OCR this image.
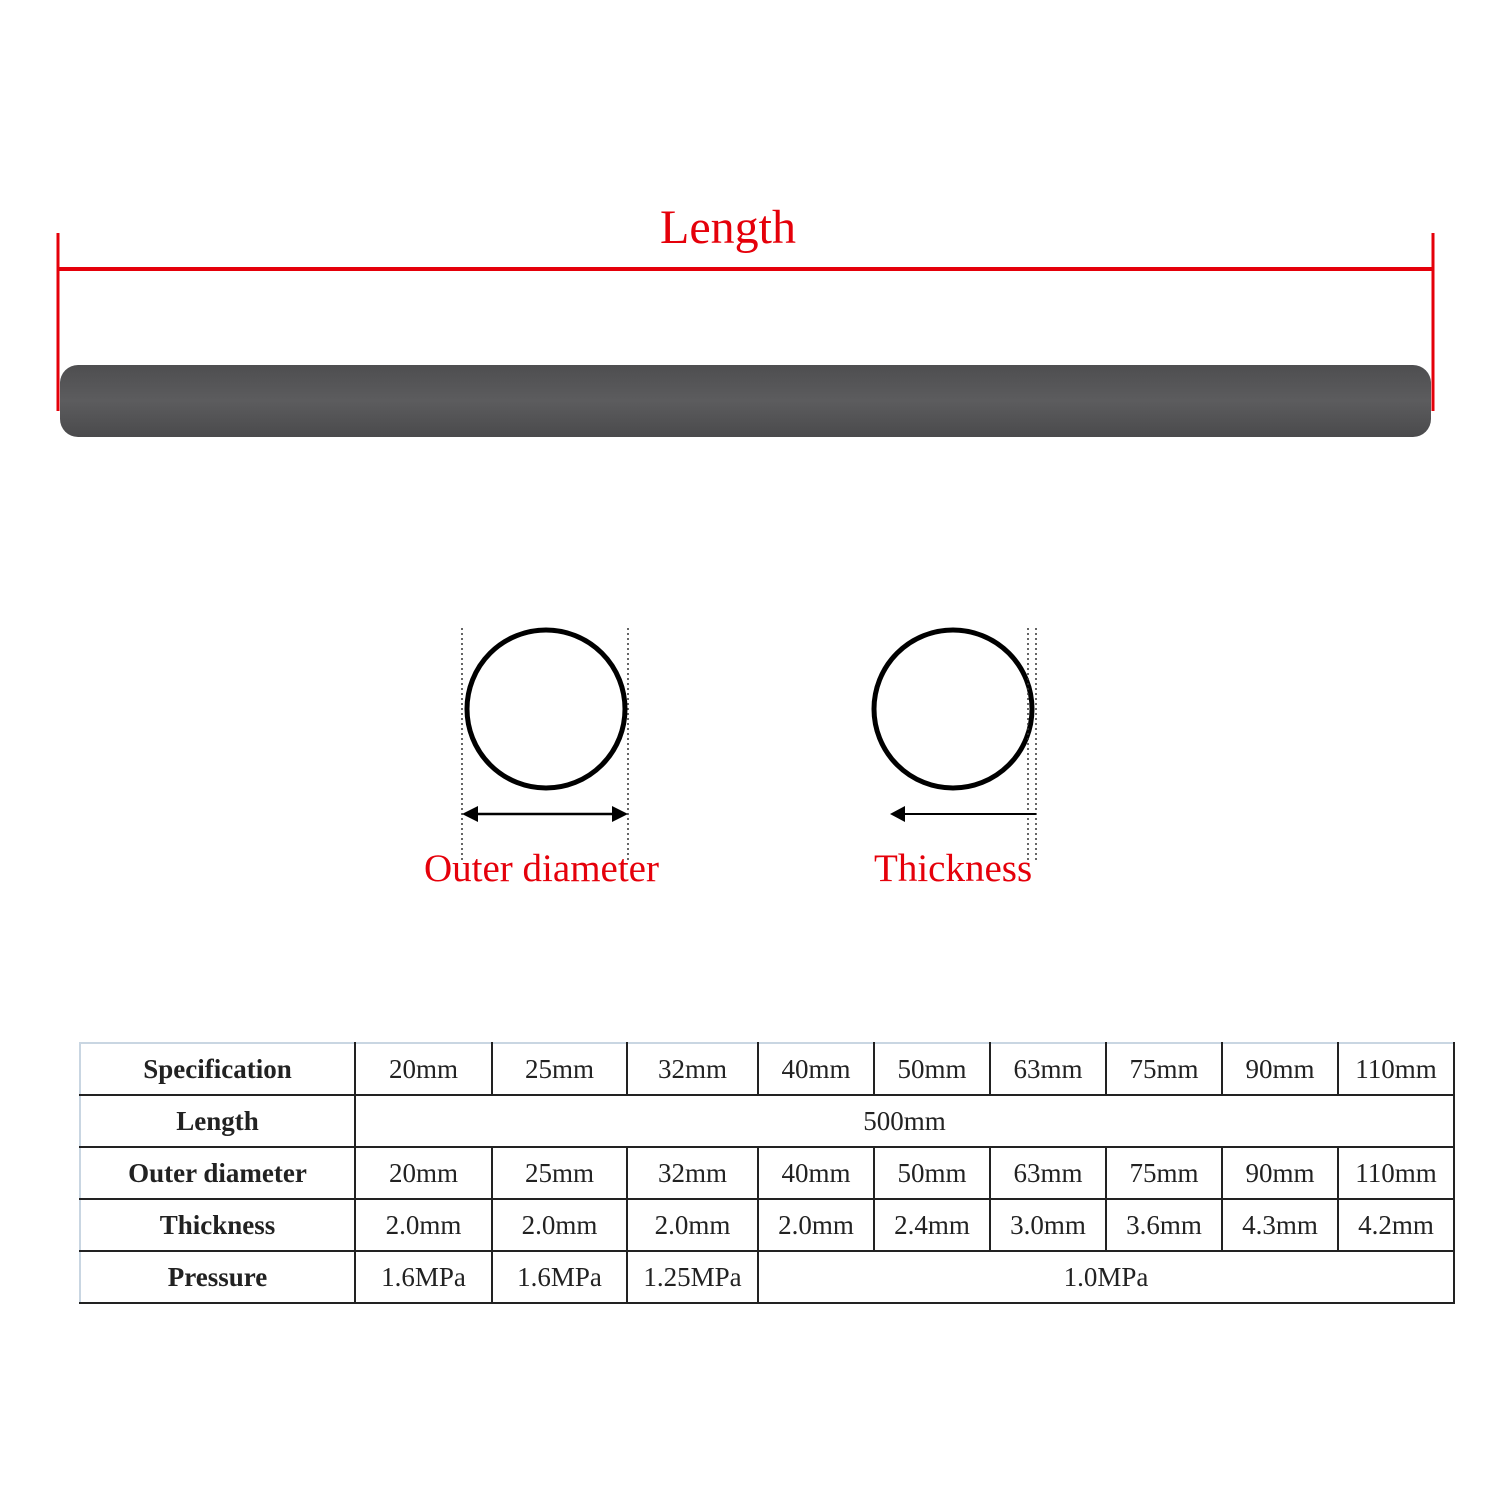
Length
Outer diameter	Thickness
Specification	20mm	25mm	32mm	40mm	50mm	63mm	75mm	90mm	110mm
Length	500mm								
Outer diameter	20mm	25mm	32mm	40mm	50mm	63mm	75mm	90mm	110mm
Thickness	2.0mm	2.0mm	2.0mm	2.0mm	2.4mm	3.0mm	3.6mm	4.3mm	4.2mm
Pressure	1.6MPa	1.6MPa	1.25MPa	1.0MPa					
